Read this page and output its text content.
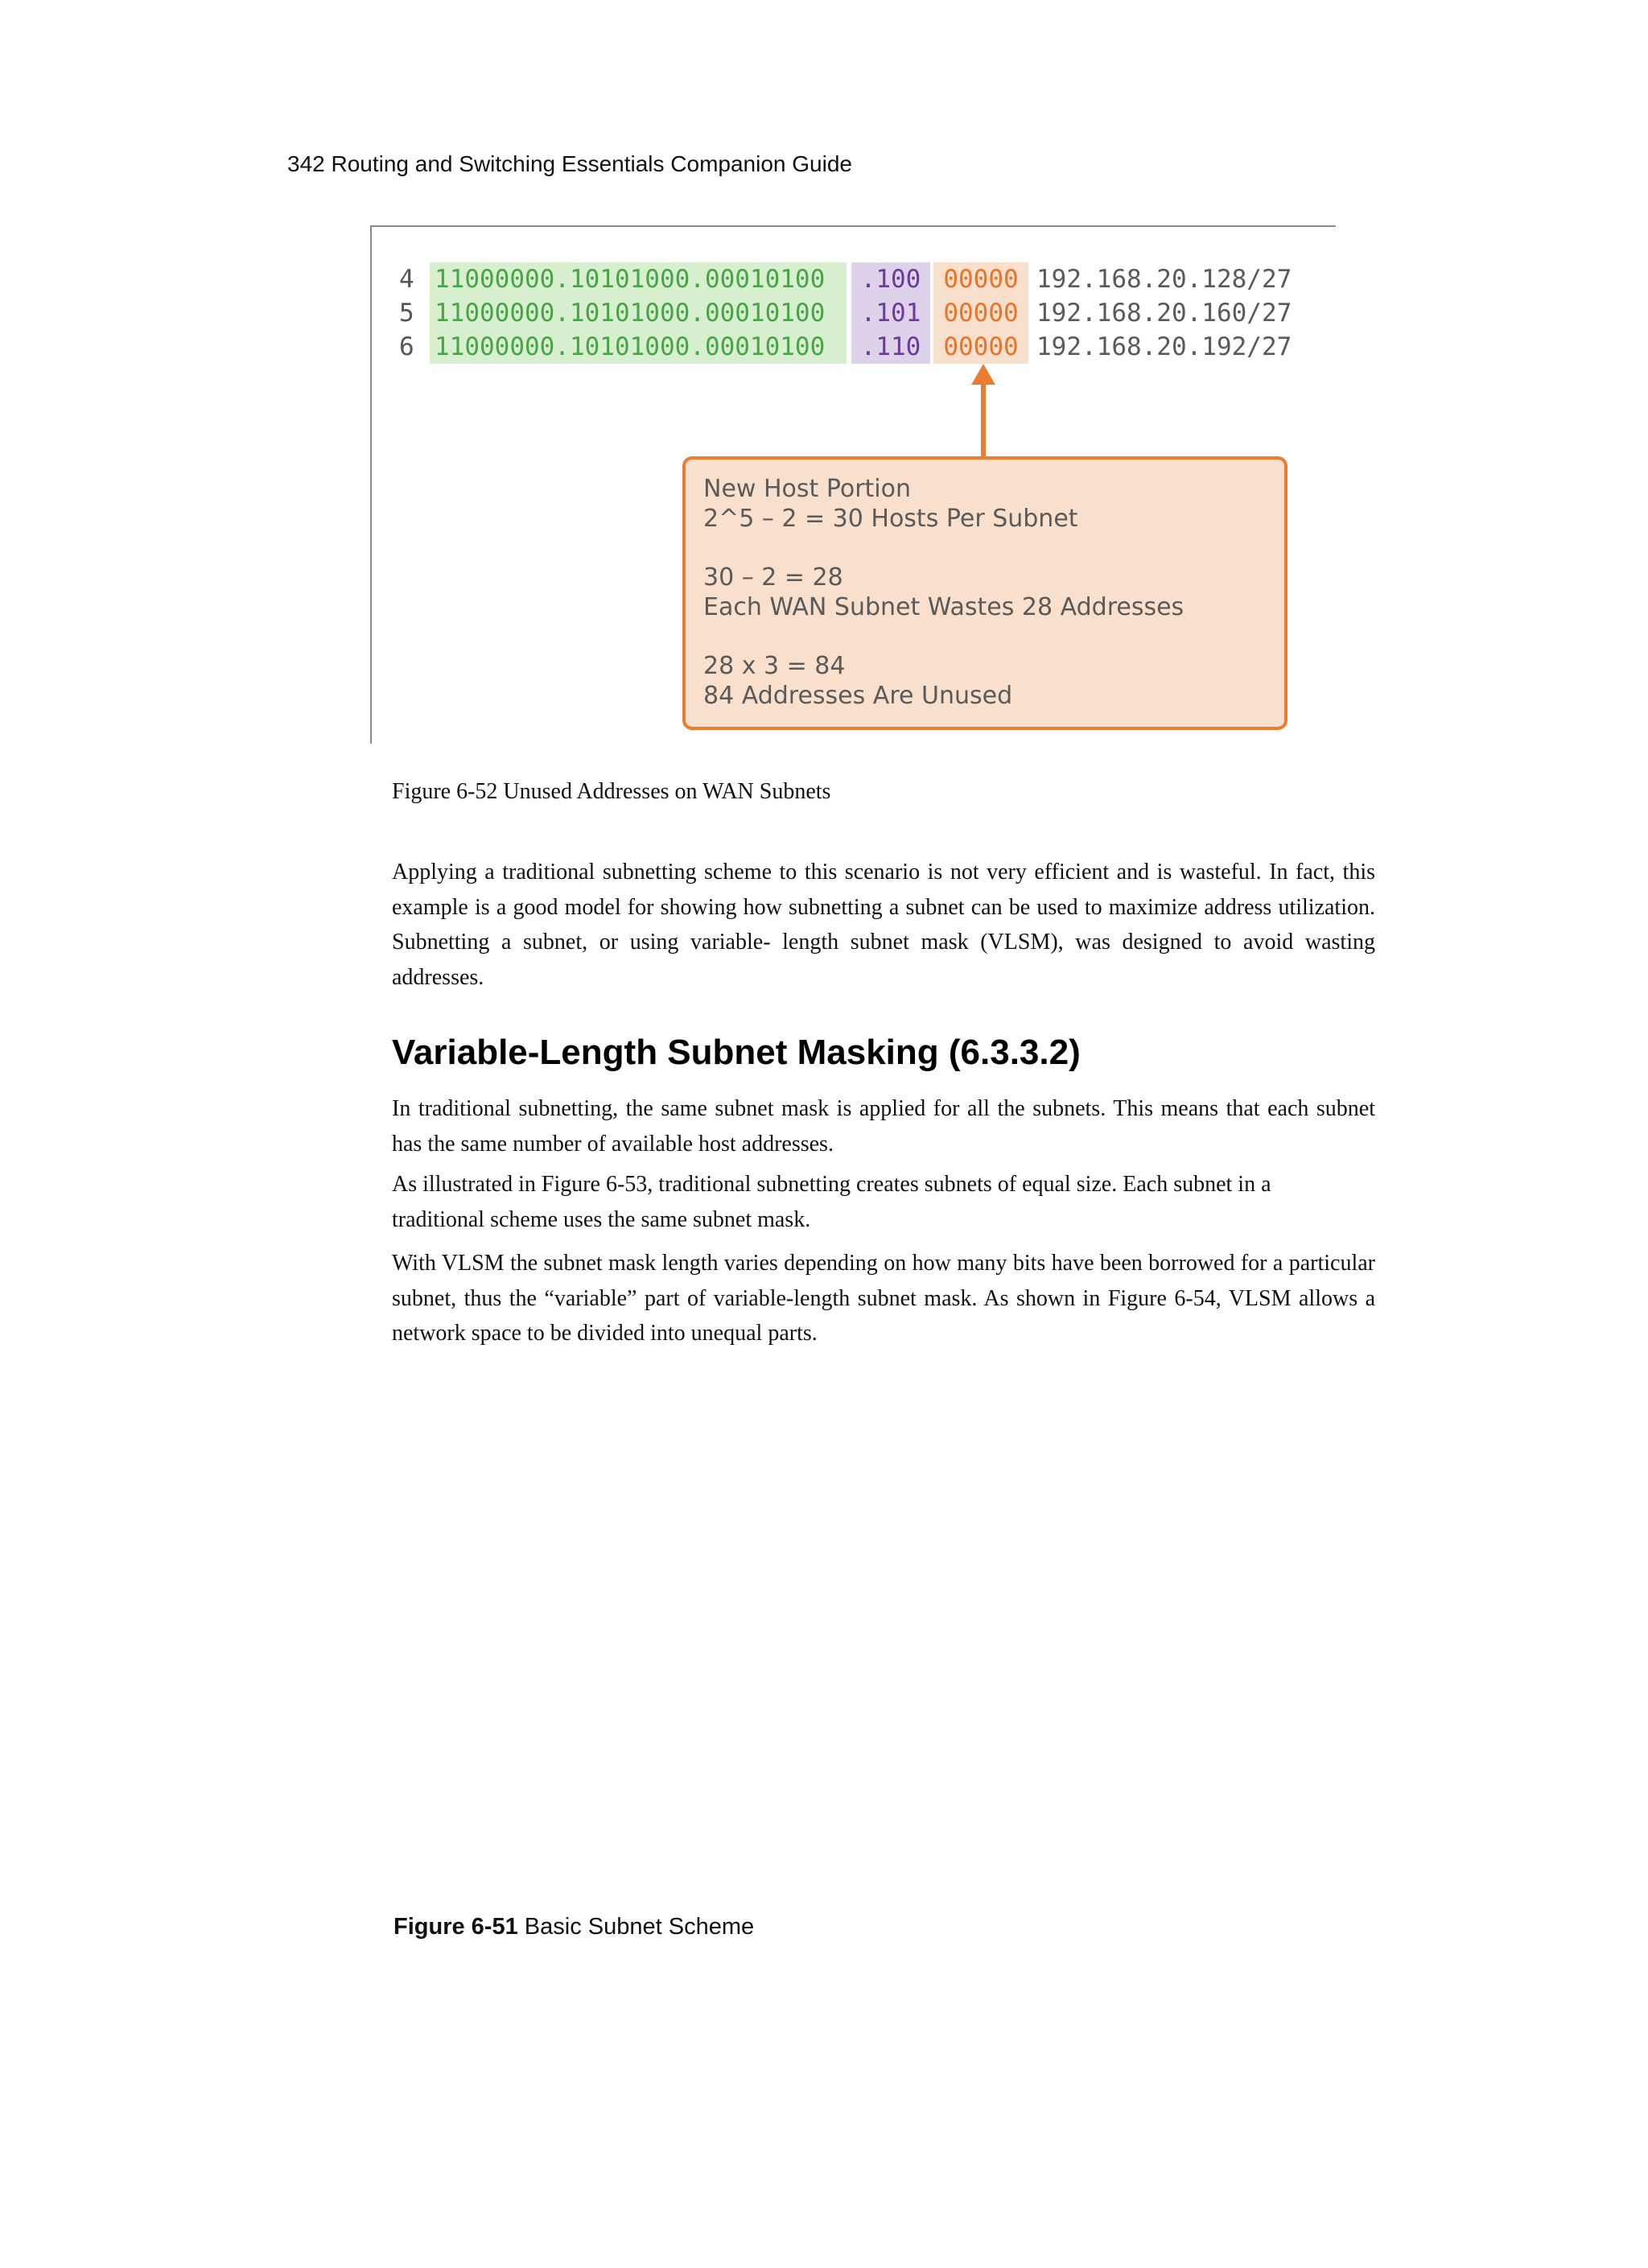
342 Routing and Switching Essentials Companion Guide
4 11000000.10101000.00010100	.100 00000 192.168.20.128/27
5 11000000.10101000.00010100	.101 00000 192.168.20.160/27
6 11000000.10101000.00010100	.110 00000 192.168.20.192/27

New Host Portion

2^5 – 2 = 30 Hosts Per Subnet

30 – 2 = 28

Each WAN Subnet Wastes 28 Addresses

28 x 3 = 84

84 Addresses Are Unused

Figure 6-52 Unused Addresses on WAN Subnets

Applying a traditional subnetting scheme to this scenario is not very efficient and is wasteful. In fact, this example is a good model for showing how subnetting a subnet can be used to maximize address utilization. Subnetting a subnet, or using variable- length subnet mask (VLSM), was designed to avoid wasting addresses.

Variable-Length Subnet Masking (6.3.3.2)

In traditional subnetting, the same subnet mask is applied for all the subnets. This means that each subnet has the same number of available host addresses.

As illustrated in Figure 6-53, traditional subnetting creates subnets of equal size. Each subnet in a traditional scheme uses the same subnet mask.

With VLSM the subnet mask length varies depending on how many bits have been borrowed for a particular subnet, thus the “variable” part of variable-length subnet mask. As shown in Figure 6-54, VLSM allows a network space to be divided into unequal parts.

Figure 6-51 Basic Subnet Scheme
